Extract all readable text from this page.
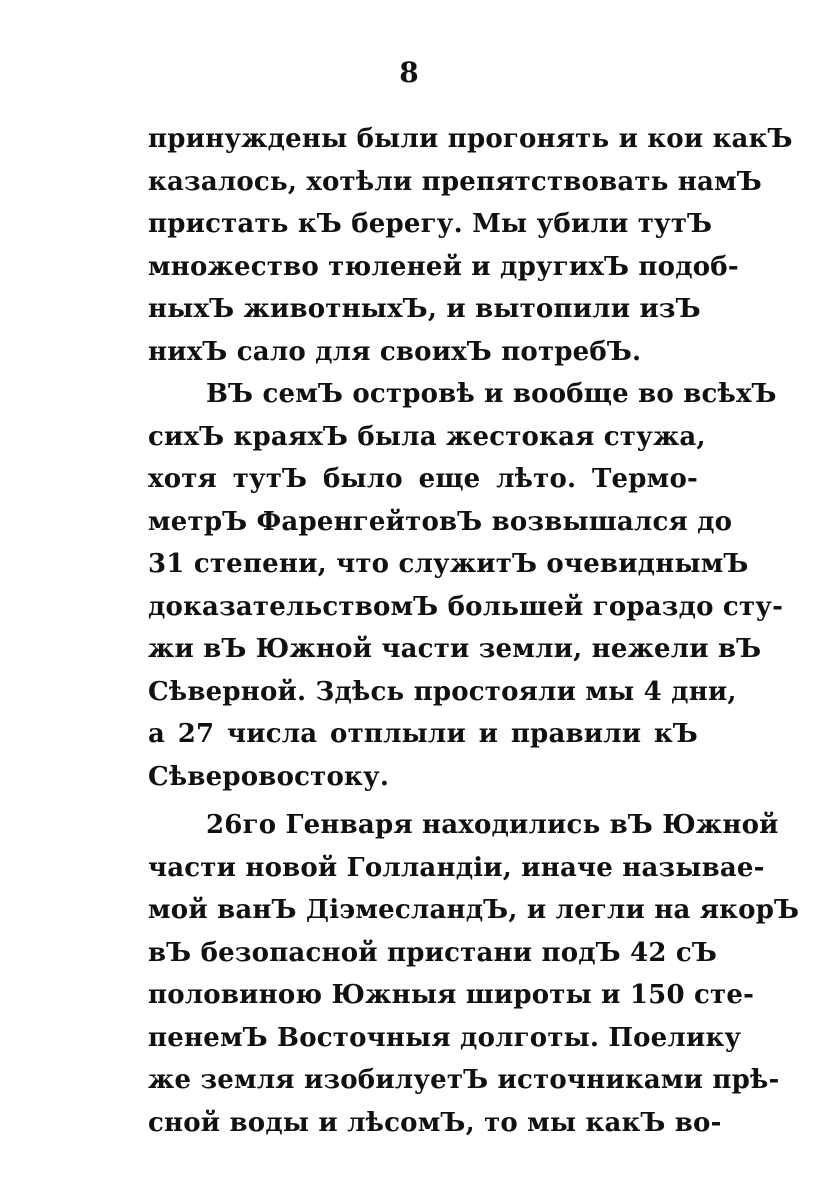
8
принуждены были прогонять и кои какЪ
казалось, хотѣли препятствовать намЪ
пристать кЪ берегу. Мы убили тутЪ
множество тюленей и другихЪ подоб-
ныхЪ животныхЪ, и вытопили изЪ
нихЪ сало для своихЪ потребЪ.
ВЪ семЪ островѣ и вообще во всѣхЪ
сихЪ краяхЪ была жестокая стужа,
хотя тутЪ было еще лѣто. Термо-
метрЪ ФаренгейтовЪ возвышался до
31 степени, что служитЪ очевиднымЪ
доказательствомЪ большей гораздо сту-
жи вЪ Южной части земли, нежели вЪ
Сѣверной. Здѣсь простояли мы 4 дни,
а 27 числа отплыли и правили кЪ
Сѣверовостоку.
26го Генваря находились вЪ Южной
части новой Голландіи, иначе называе-
мой ванЪ ДіэмесландЪ, и легли на якорЪ
вЪ безопасной пристани подЪ 42 сЪ
половиною Южныя широты и 150 сте-
пенемЪ Восточныя долготы. Поелику
же земля изобилуетЪ источниками прѣ-
сной воды и лѣсомЪ, то мы какЪ во-
